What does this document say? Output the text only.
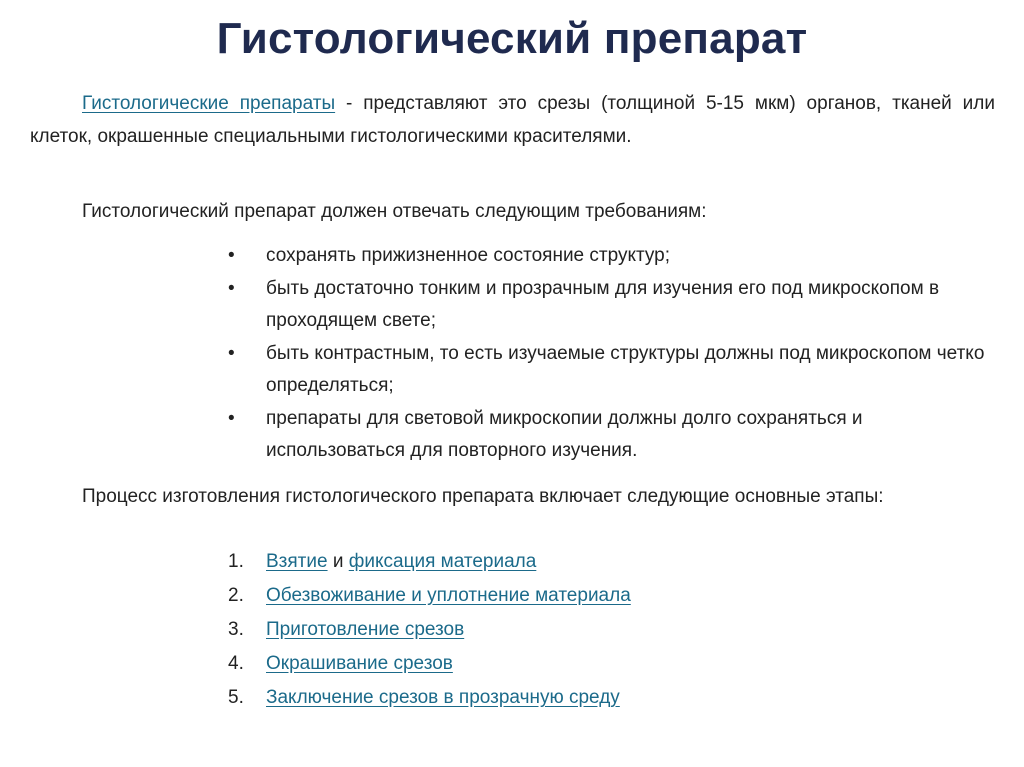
Гистологический препарат

Гистологические препараты - представляют это срезы (толщиной 5-15 мкм) органов, тканей или клеток, окрашенные специальными гистологическими красителями.

Гистологический препарат должен отвечать следующим требованиям:

• сохранять прижизненное состояние структур;
• быть достаточно тонким и прозрачным для изучения его под микроскопом в проходящем свете;
• быть контрастным, то есть изучаемые структуры должны под микроскопом четко определяться;
• препараты для световой микроскопии должны долго сохраняться и использоваться для повторного изучения.

Процесс изготовления гистологического препарата включает следующие основные этапы:

1. Взятие и фиксация материала
2. Обезвоживание и уплотнение материала
3. Приготовление срезов
4. Окрашивание срезов
5. Заключение срезов в прозрачную среду
